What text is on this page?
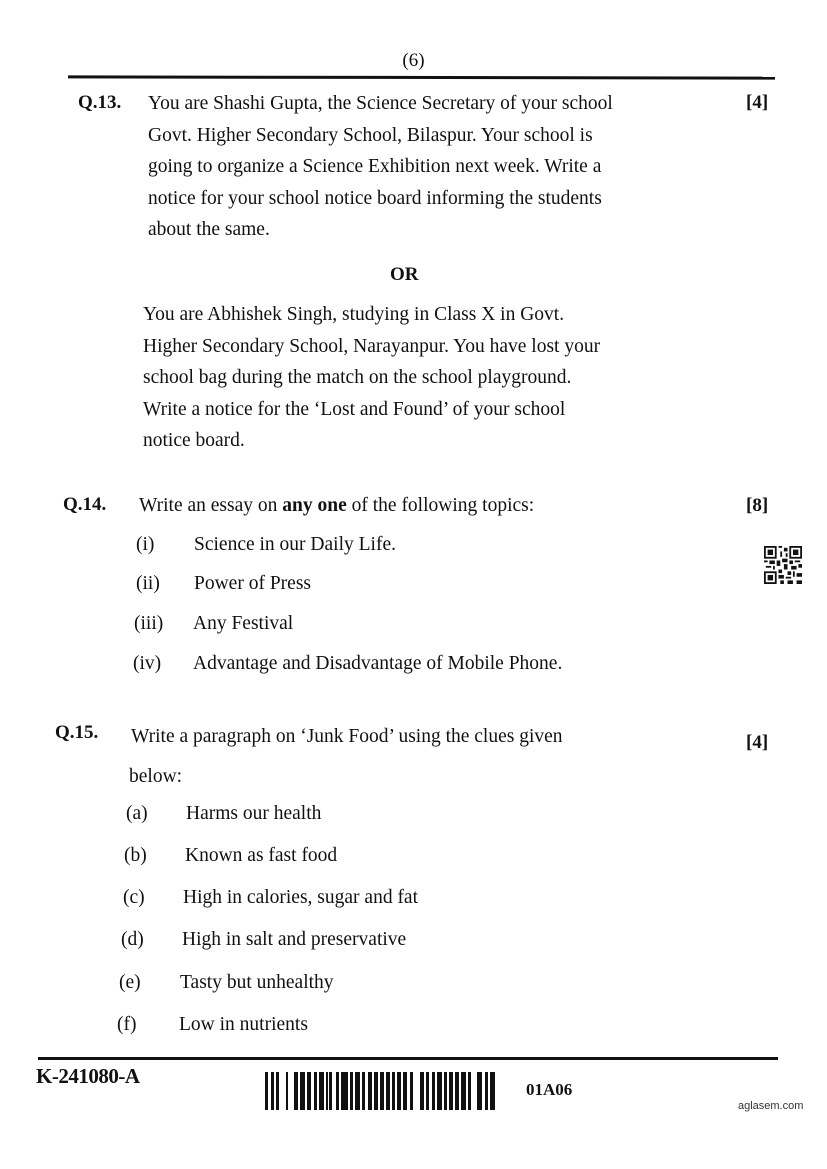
(6)
Q.13.	[4]
You are Shashi Gupta, the Science Secretary of your school
Govt. Higher Secondary School, Bilaspur. Your school is
going to organize a Science Exhibition next week. Write a
notice for your school notice board informing the students
about the same.
OR
You are Abhishek Singh, studying in Class X in Govt.
Higher Secondary School, Narayanpur. You have lost your
school bag during the match on the school playground.
Write a notice for the ‘Lost and Found’ of your school
notice board.
Q.14.	[8]
Write an essay on any one of the following topics:
(i) Science in our Daily Life.
(ii) Power of Press
(iii) Any Festival
(iv) Advantage and Disadvantage of Mobile Phone.
Q.15.	[4]
Write a paragraph on ‘Junk Food’ using the clues given
below:
(a) Harms our health
(b) Known as fast food
(c) High in calories, sugar and fat
(d) High in salt and preservative
(e) Tasty but unhealthy
(f) Low in nutrients
K-241080-A
01A06
aglasem.com
